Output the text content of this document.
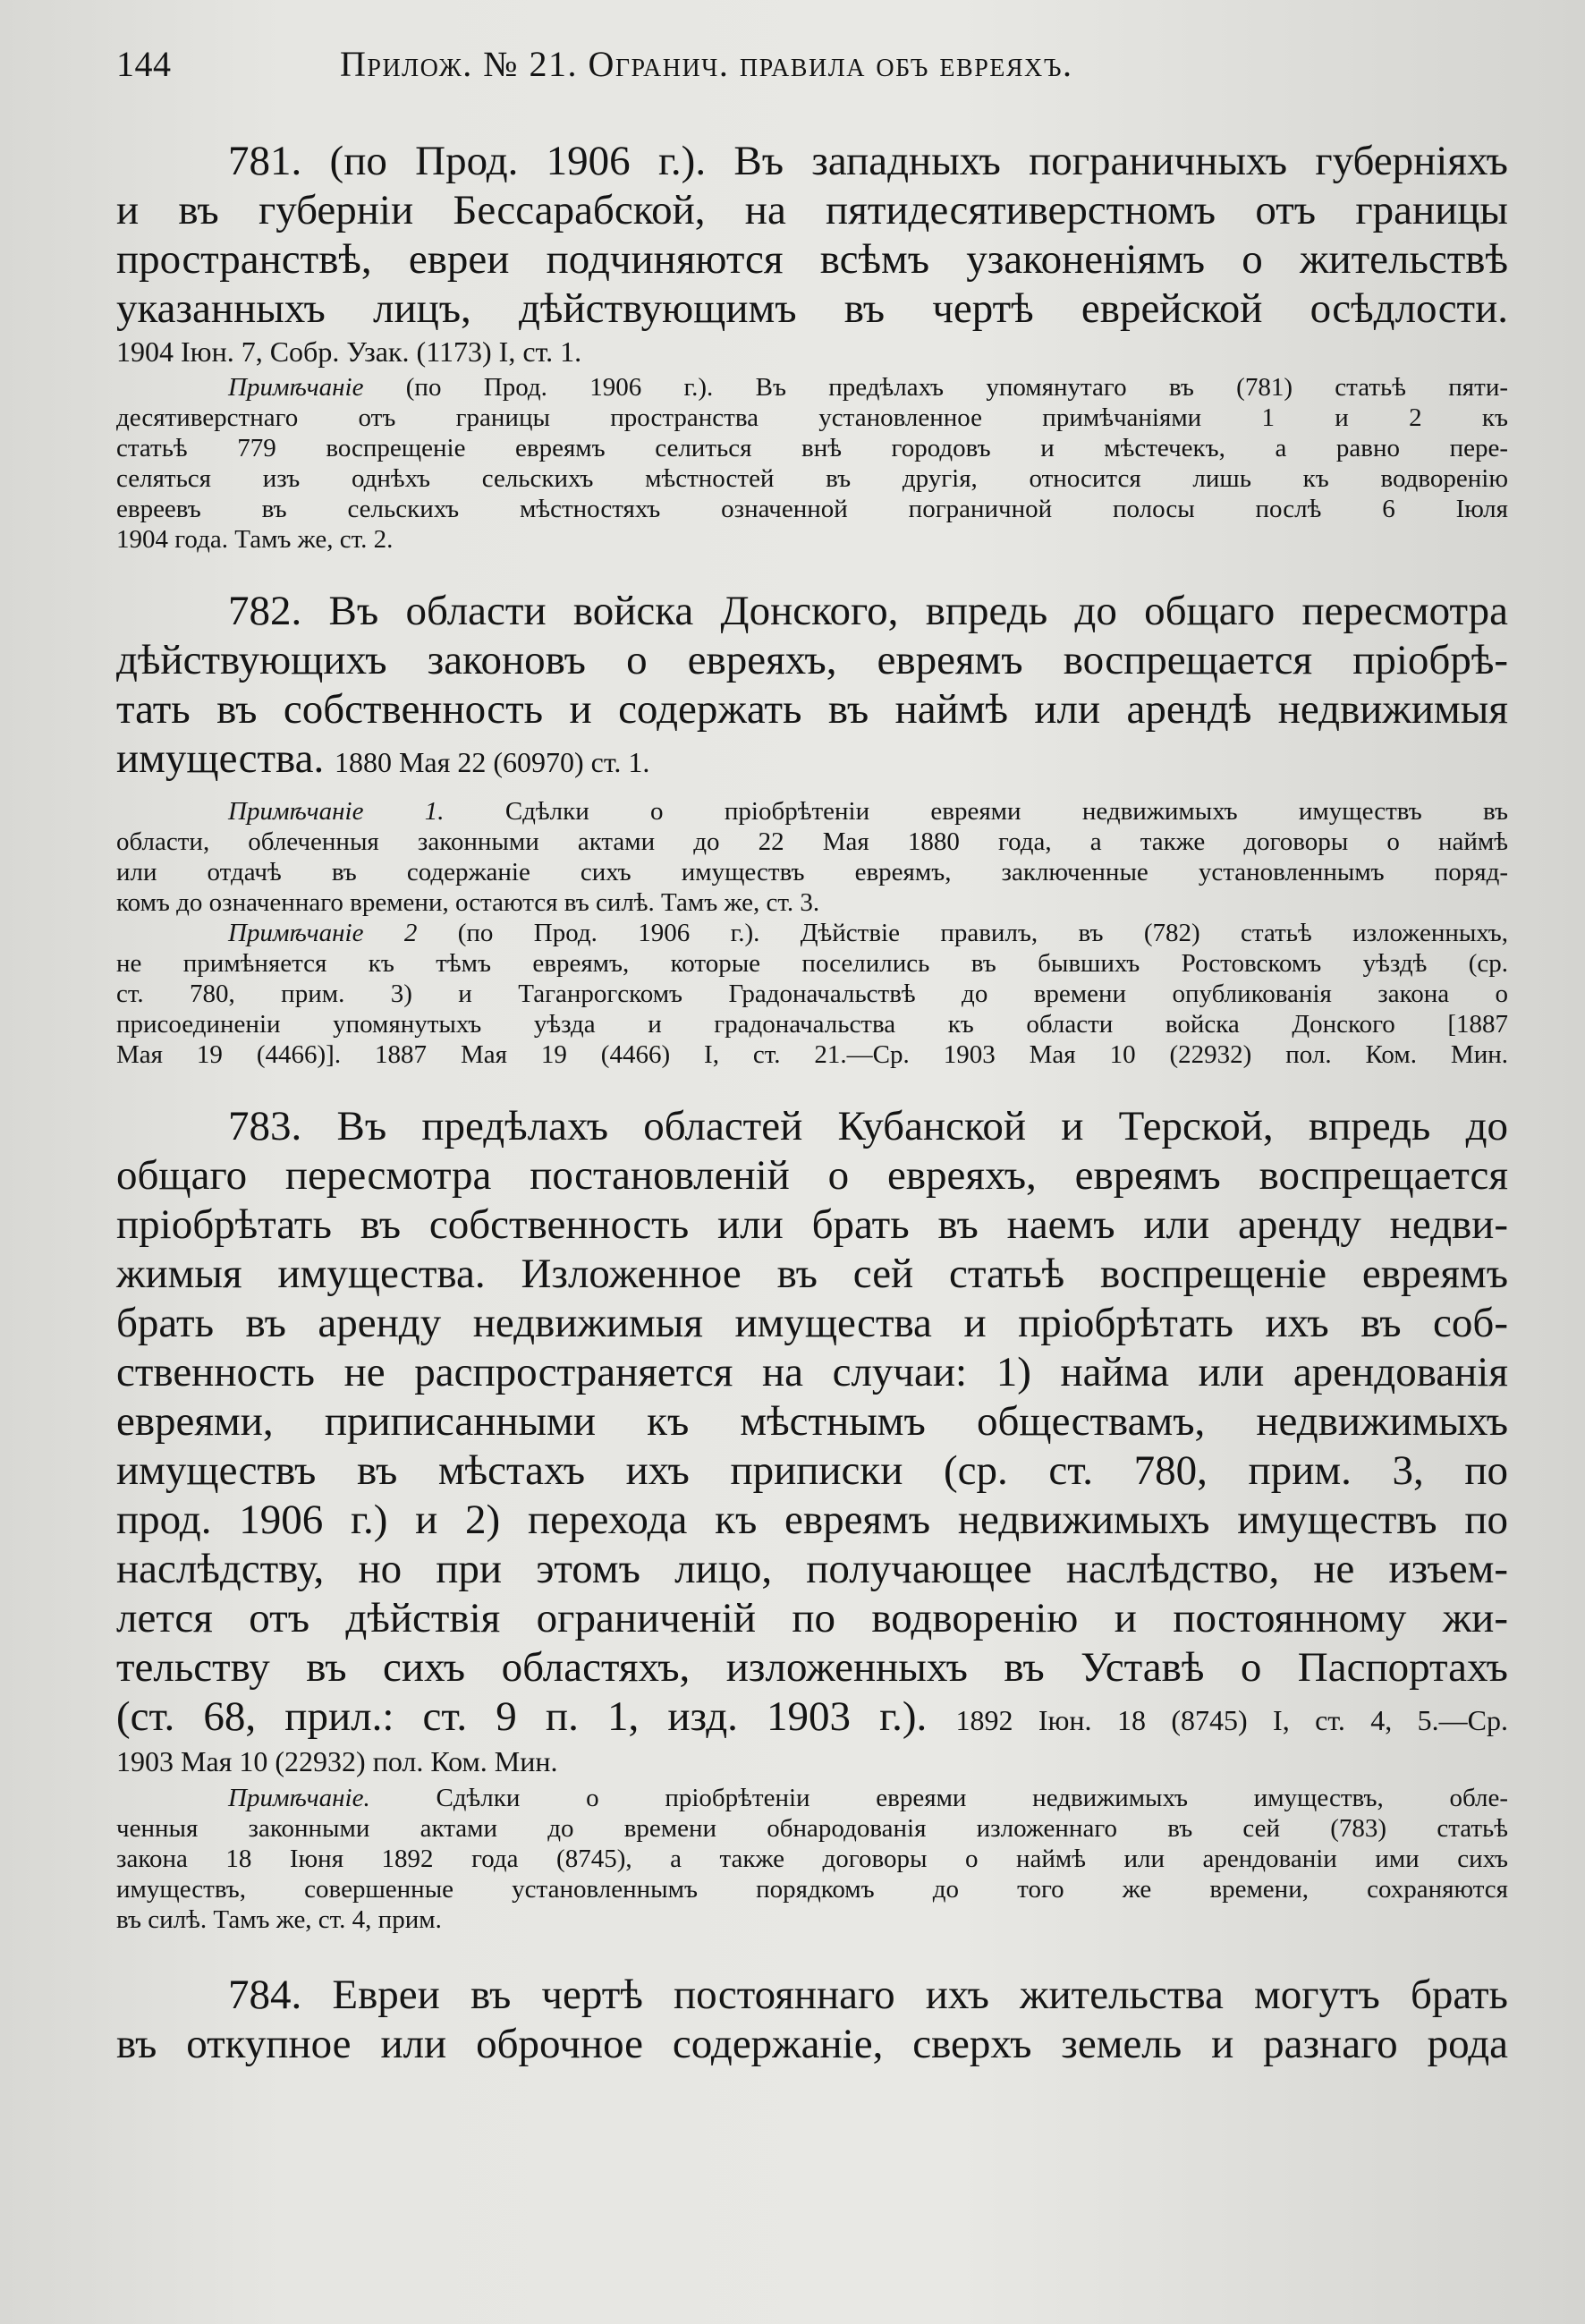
144	Прилож. № 21. Огранич. правила объ евреяхъ.
781. (по Прод. 1906 г.). Въ западныхъ пограничныхъ губерніяхъ
и въ губерніи Бессарабской, на пятидесятиверстномъ отъ границы
пространствѣ, евреи подчиняются всѣмъ узаконеніямъ о жительствѣ
указанныхъ лицъ, дѣйствующимъ въ чертѣ еврейской осѣдлости.
1904 Іюн. 7, Собр. Узак. (1173) І, ст. 1.
Примѣчаніе (по Прод. 1906 г.). Въ предѣлахъ упомянутаго въ (781) статьѣ пяти-
десятиверстнаго отъ границы пространства установленное примѣчаніями 1 и 2 къ
статьѣ 779 воспрещеніе евреямъ селиться внѣ городовъ и мѣстечекъ, а равно пере-
селяться изъ однѣхъ сельскихъ мѣстностей въ другія, относится лишь къ водворенію
евреевъ въ сельскихъ мѣстностяхъ означенной пограничной полосы послѣ 6 Іюля
1904 года. Тамъ же, ст. 2.
782. Въ области войска Донского, впредь до общаго пересмотра
дѣйствующихъ законовъ о евреяхъ, евреямъ воспрещается пріобрѣ-
тать въ собственность и содержать въ наймѣ или арендѣ недвижимыя
имущества. 1880 Мая 22 (60970) ст. 1.
Примѣчаніе 1. Сдѣлки о пріобрѣтеніи евреями недвижимыхъ имуществъ въ
области, облеченныя законными актами до 22 Мая 1880 года, а также договоры о наймѣ
или отдачѣ въ содержаніе сихъ имуществъ евреямъ, заключенные установленнымъ поряд-
комъ до означеннаго времени, остаются въ силѣ. Тамъ же, ст. 3.
Примѣчаніе 2 (по Прод. 1906 г.). Дѣйствіе правилъ, въ (782) статьѣ изложенныхъ,
не примѣняется къ тѣмъ евреямъ, которые поселились въ бывшихъ Ростовскомъ уѣздѣ (ср.
ст. 780, прим. 3) и Таганрогскомъ Градоначальствѣ до времени опубликованія закона о
присоединеніи упомянутыхъ уѣзда и градоначальства къ области войска Донского [1887
Мая 19 (4466)]. 1887 Мая 19 (4466) І, ст. 21.—Ср. 1903 Мая 10 (22932) пол. Ком. Мин.
783. Въ предѣлахъ областей Кубанской и Терской, впредь до
общаго пересмотра постановленій о евреяхъ, евреямъ воспрещается
пріобрѣтать въ собственность или брать въ наемъ или аренду недви-
жимыя имущества. Изложенное въ сей статьѣ воспрещеніе евреямъ
брать въ аренду недвижимыя имущества и пріобрѣтать ихъ въ соб-
ственность не распространяется на случаи: 1) найма или арендованія
евреями, приписанными къ мѣстнымъ обществамъ, недвижимыхъ
имуществъ въ мѣстахъ ихъ приписки (ср. ст. 780, прим. 3, по
прод. 1906 г.) и 2) перехода къ евреямъ недвижимыхъ имуществъ по
наслѣдству, но при этомъ лицо, получающее наслѣдство, не изъем-
лется отъ дѣйствія ограниченій по водворенію и постоянному жи-
тельству въ сихъ областяхъ, изложенныхъ въ Уставѣ о Паспортахъ
(ст. 68, прил.: ст. 9 п. 1, изд. 1903 г.). 1892 Іюн. 18 (8745) І, ст. 4, 5.—Ср.
1903 Мая 10 (22932) пол. Ком. Мин.
Примѣчаніе. Сдѣлки о пріобрѣтеніи евреями недвижимыхъ имуществъ, обле-
ченныя законными актами до времени обнародованія изложеннаго въ сей (783) статьѣ
закона 18 Іюня 1892 года (8745), а также договоры о наймѣ или арендованіи ими сихъ
имуществъ, совершенные установленнымъ порядкомъ до того же времени, сохраняются
въ силѣ. Тамъ же, ст. 4, прим.
784. Евреи въ чертѣ постояннаго ихъ жительства могутъ брать
въ откупное или оброчное содержаніе, сверхъ земель и разнаго рода
